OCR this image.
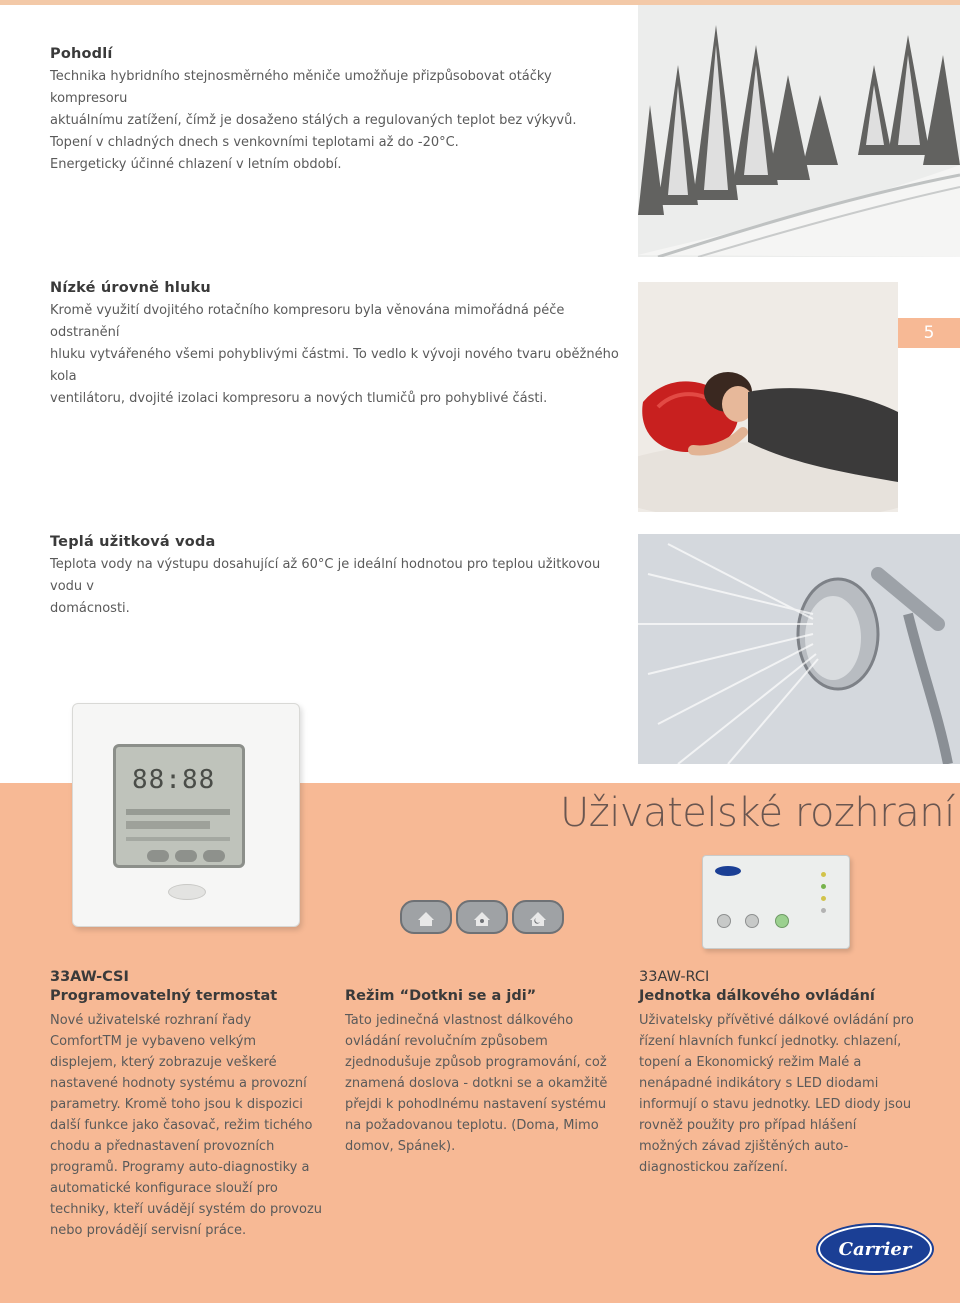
Pohodlí

Technika hybridního stejnosměrného měniče umožňuje přizpůsobovat otáčky kompresoru

aktuálnímu zatížení, čímž je dosaženo stálých a regulovaných teplot bez výkyvů.

Topení v chladných dnech s venkovními teplotami až do -20°C.

Energeticky účinné chlazení v letním období.

Nízké úrovně hluku

Kromě využití dvojitého rotačního kompresoru byla věnována mimořádná péče odstranění

hluku vytvářeného všemi pohyblivými částmi. To vedlo k vývoji nového tvaru oběžného kola

ventilátoru, dvojité izolaci kompresoru a nových tlumičů pro pohyblivé části.

5
Teplá užitková voda

Teplota vody na výstupu dosahující až 60°C je ideální hodnotou pro teplou užitkovou vodu v

domácnosti.

Uživatelské rozhraní
88:88
33AW-CSI
Programovatelný termostat
Nové uživatelské rozhraní řady ComfortTM je vybaveno velkým displejem, který zobrazuje veškeré nastavené hodnoty systému a provozní parametry. Kromě toho jsou k dispozici další funkce jako časovač, režim tichého chodu a přednastavení provozních programů. Programy auto-diagnostiky a automatické konfigurace slouží pro techniky, kteří uvádějí systém do provozu nebo provádějí servisní práce.
Režim “Dotkni se a jdi”
Tato jedinečná vlastnost dálkového ovládání revolučním způsobem zjednodušuje způsob programování, což znamená doslova - dotkni se a okamžitě přejdi k pohodlnému nastavení systému na požadovanou teplotu. (Doma, Mimo domov, Spánek).
33AW-RCI
Jednotka dálkového ovládání
Uživatelsky přívětivé dálkové ovládání pro řízení hlavních funkcí jednotky. chlazení, topení a Ekonomický režim Malé a nenápadné indikátory s LED diodami informují o stavu jednotky. LED diody jsou rovněž použity pro případ hlášení možných závad zjištěných auto-diagnostickou zařízení.
Carrier
